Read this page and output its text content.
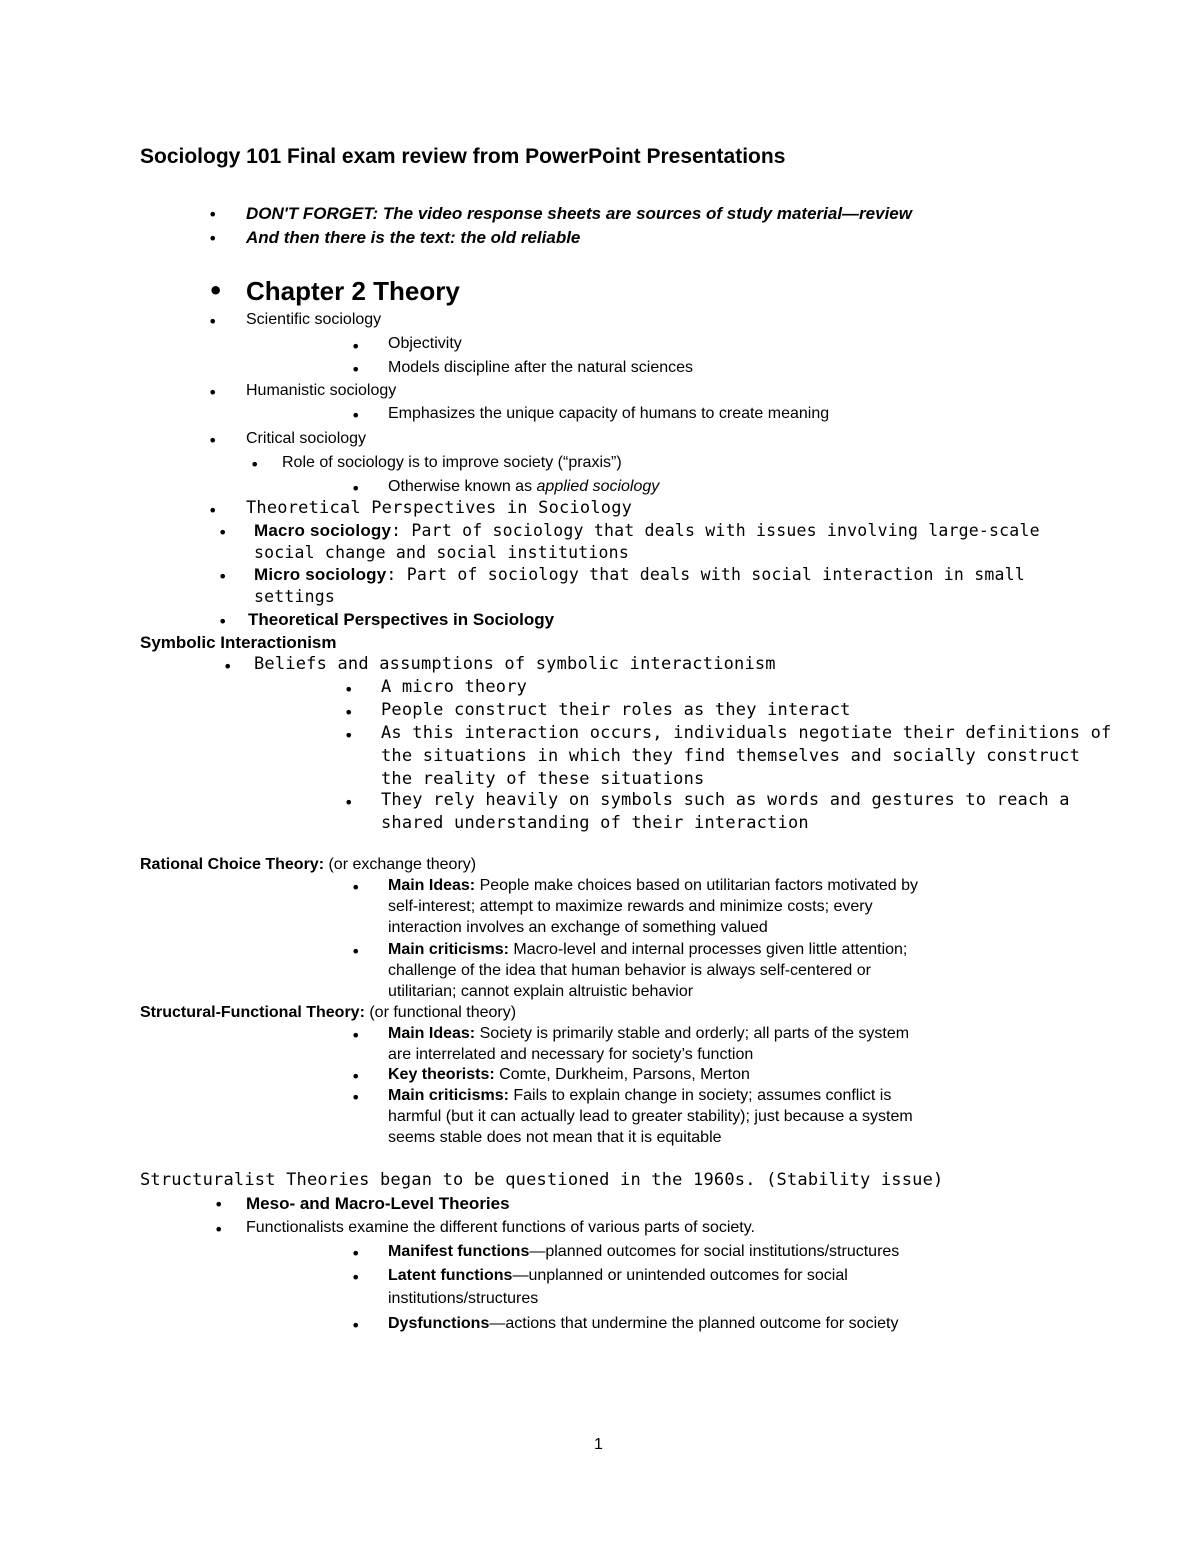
Sociology 101 Final exam review from PowerPoint Presentations
• DON'T FORGET: The video response sheets are sources of study material—review
• And then there is the text: the old reliable
• Chapter 2 Theory
• Scientific sociology
• Objectivity
• Models discipline after the natural sciences
• Humanistic sociology
• Emphasizes the unique capacity of humans to create meaning
• Critical sociology
• Role of sociology is to improve society (“praxis”)
• Otherwise known as applied sociology
• Theoretical Perspectives in Sociology
• Macro sociology: Part of sociology that deals with issues involving large-scale
social change and social institutions
• Micro sociology: Part of sociology that deals with social interaction in small
settings
• Theoretical Perspectives in Sociology
Symbolic Interactionism
• Beliefs and assumptions of symbolic interactionism
• A micro theory
• People construct their roles as they interact
• As this interaction occurs, individuals negotiate their definitions of
the situations in which they find themselves and socially construct
the reality of these situations
• They rely heavily on symbols such as words and gestures to reach a
shared understanding of their interaction
Rational Choice Theory: (or exchange theory)
• Main Ideas: People make choices based on utilitarian factors motivated by
self-interest; attempt to maximize rewards and minimize costs; every
interaction involves an exchange of something valued
• Main criticisms: Macro-level and internal processes given little attention;
challenge of the idea that human behavior is always self-centered or
utilitarian; cannot explain altruistic behavior
Structural-Functional Theory: (or functional theory)
• Main Ideas: Society is primarily stable and orderly; all parts of the system
are interrelated and necessary for society’s function
• Key theorists: Comte, Durkheim, Parsons, Merton
• Main criticisms: Fails to explain change in society; assumes conflict is
harmful (but it can actually lead to greater stability); just because a system
seems stable does not mean that it is equitable
Structuralist Theories began to be questioned in the 1960s. (Stability issue)
• Meso- and Macro-Level Theories
• Functionalists examine the different functions of various parts of society.
• Manifest functions—planned outcomes for social institutions/structures
• Latent functions—unplanned or unintended outcomes for social
institutions/structures
• Dysfunctions—actions that undermine the planned outcome for society
1
